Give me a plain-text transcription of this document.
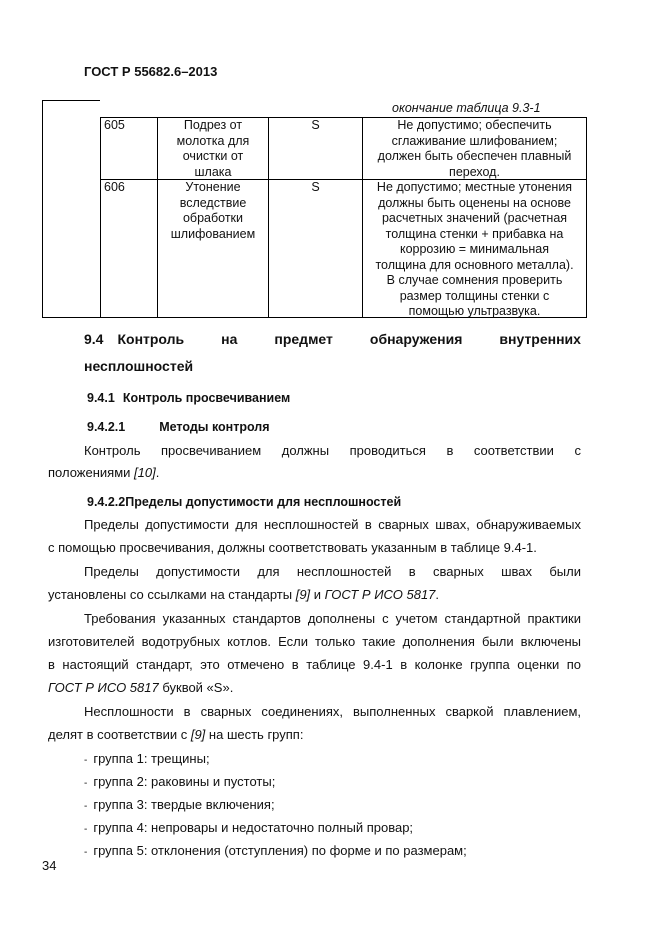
ГОСТ Р 55682.6–2013
окончание таблица 9.3-1
605	Подрез от
молотка для
очистки от
шлака
S	Не допустимо; обеспечить
сглаживание шлифованием;
должен быть обеспечен плавный
переход.
606	Утонение
вследствие
обработки
шлифованием
S	Не допустимо; местные утонения
должны быть оценены на основе
расчетных значений (расчетная
толщина стенки + прибавка на
коррозию = минимальная
толщина для основного металла).
В случае сомнения проверить
размер толщины стенки с
помощью ультразвука.
9.4 Контроль	на	предмет	обнаружения	внутренних
несплошностей
9.4.1 Контроль просвечиванием
9.4.2.1	Методы контроля
Контроль просвечиванием должны проводиться в соответствии с
положениями [10].
9.4.2.2Пределы допустимости для несплошностей
Пределы допустимости для несплошностей в сварных швах, обнаруживаемых
с помощью просвечивания, должны соответствовать указанным в таблице 9.4-1.
Пределы допустимости для несплошностей в сварных швах были
установлены со ссылками на стандарты [9] и ГОСТ Р ИСО 5817.
Требования указанных стандартов дополнены с учетом стандартной практики
изготовителей водотрубных котлов. Если только такие дополнения были включены
в настоящий стандарт, это отмечено в таблице 9.4-1 в колонке группа оценки по
ГОСТ Р ИСО 5817 буквой «S».
Несплошности в сварных соединениях, выполненных сваркой плавлением,
делят в соответствии с [9] на шесть групп:
- группа 1: трещины;
- группа 2: раковины и пустоты;
- группа 3: твердые включения;
- группа 4: непровары и недостаточно полный провар;
- группа 5: отклонения (отступления) по форме и по размерам;
34
